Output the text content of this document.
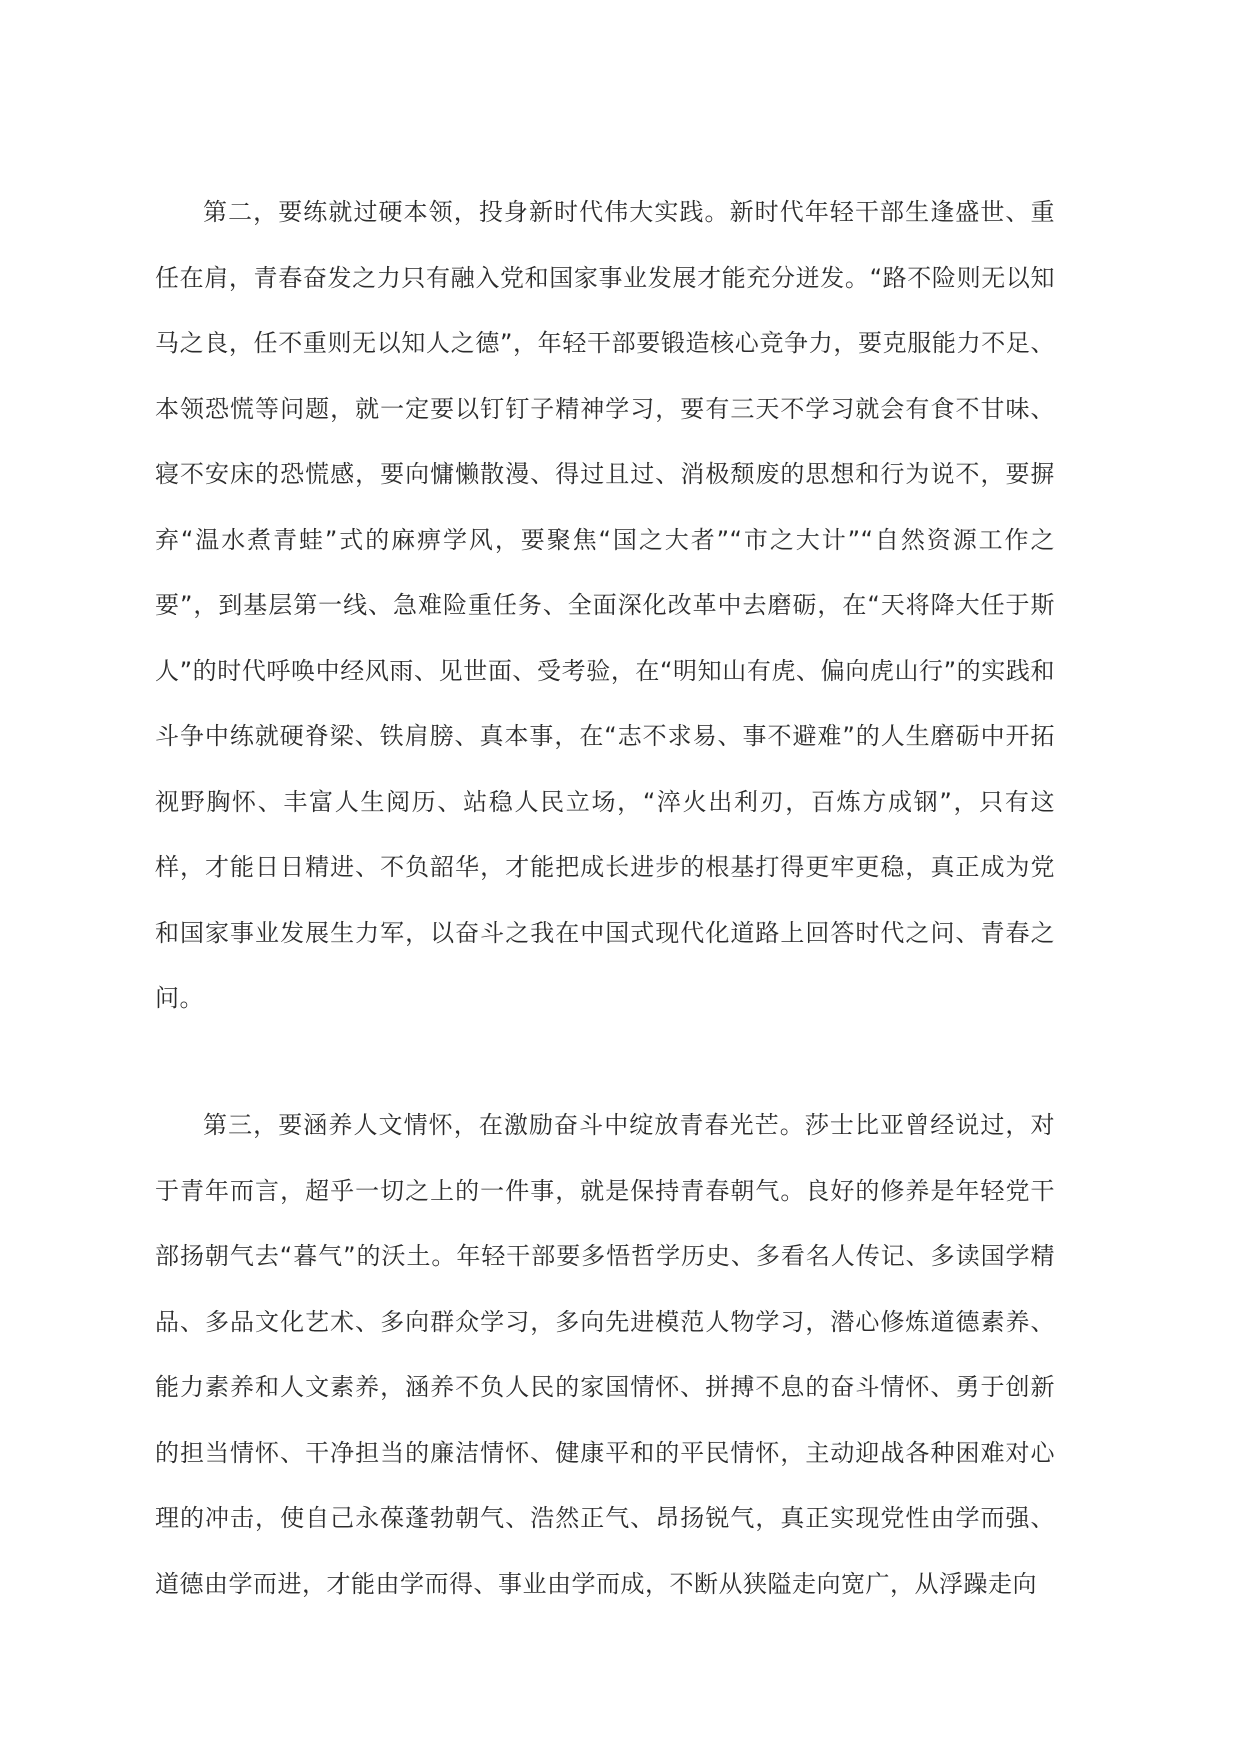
第二，要练就过硬本领，投身新时代伟大实践。新时代年轻干部生逢盛世、重任在肩，青春奋发之力只有融入党和国家事业发展才能充分迸发。“路不险则无以知马之良，任不重则无以知人之德”，年轻干部要锻造核心竞争力，要克服能力不足、本领恐慌等问题，就一定要以钉钉子精神学习，要有三天不学习就会有食不甘味、寝不安床的恐慌感，要向慵懒散漫、得过且过、消极颓废的思想和行为说不，要摒弃“温水煮青蛙”式的麻痹学风，要聚焦“国之大者”“市之大计”“自然资源工作之要”，到基层第一线、急难险重任务、全面深化改革中去磨砺，在“天将降大任于斯人”的时代呼唤中经风雨、见世面、受考验，在“明知山有虎、偏向虎山行”的实践和斗争中练就硬脊梁、铁肩膀、真本事，在“志不求易、事不避难”的人生磨砺中开拓视野胸怀、丰富人生阅历、站稳人民立场，“淬火出利刃，百炼方成钢”，只有这样，才能日日精进、不负韶华，才能把成长进步的根基打得更牢更稳，真正成为党和国家事业发展生力军，以奋斗之我在中国式现代化道路上回答时代之问、青春之问。

第三，要涵养人文情怀，在激励奋斗中绽放青春光芒。莎士比亚曾经说过，对于青年而言，超乎一切之上的一件事，就是保持青春朝气。良好的修养是年轻党干部扬朝气去“暮气”的沃土。年轻干部要多悟哲学历史、多看名人传记、多读国学精品、多品文化艺术、多向群众学习，多向先进模范人物学习，潜心修炼道德素养、能力素养和人文素养，涵养不负人民的家国情怀、拼搏不息的奋斗情怀、勇于创新的担当情怀、干净担当的廉洁情怀、健康平和的平民情怀，主动迎战各种困难对心理的冲击，使自己永葆蓬勃朝气、浩然正气、昂扬锐气，真正实现党性由学而强、道德由学而进，才能由学而得、事业由学而成，不断从狭隘走向宽广，从浮躁走向
